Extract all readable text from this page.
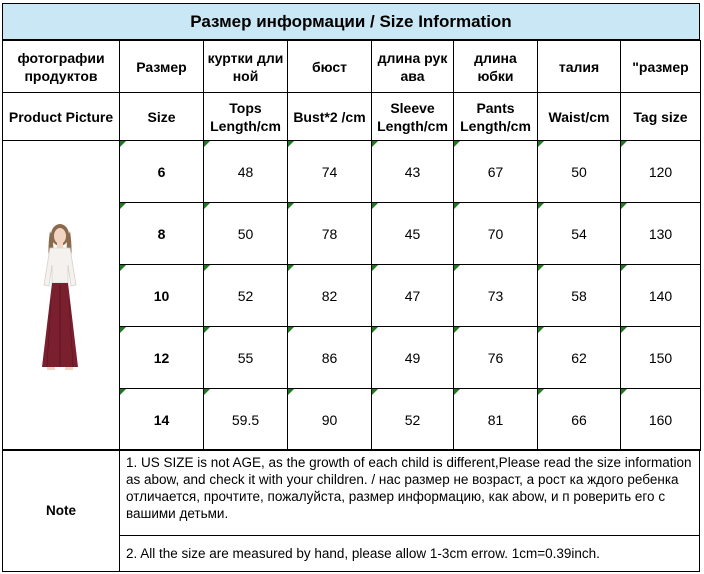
Размер информации / Size Information
фотографии продуктов	Размер	куртки дли ной	бюст	длина рук ава	длина юбки	талия	"размер
Product Picture	Size	Tops Length/cm	Bust*2 /cm	Sleeve Length/cm	Pants Length/cm	Waist/cm	Tag size

	6	48	74	43	67	50	120
	8	50	78	45	70	54	130
	10	52	82	47	73	58	140
	12	55	86	49	76	62	150
	14	59.5	90	52	81	66	160
Note	1. US SIZE is not AGE, as the growth of each child is different,Please read the size information as abow, and check it with your children. / нас размер не возраст, а рост ка ждого ребенка отличается, прочтите, пожалуйста, размер информацию, как abow, и п роверить его с вашими детьми.
2. All the size are measured by hand, please allow 1-3cm errow. 1cm=0.39inch.
